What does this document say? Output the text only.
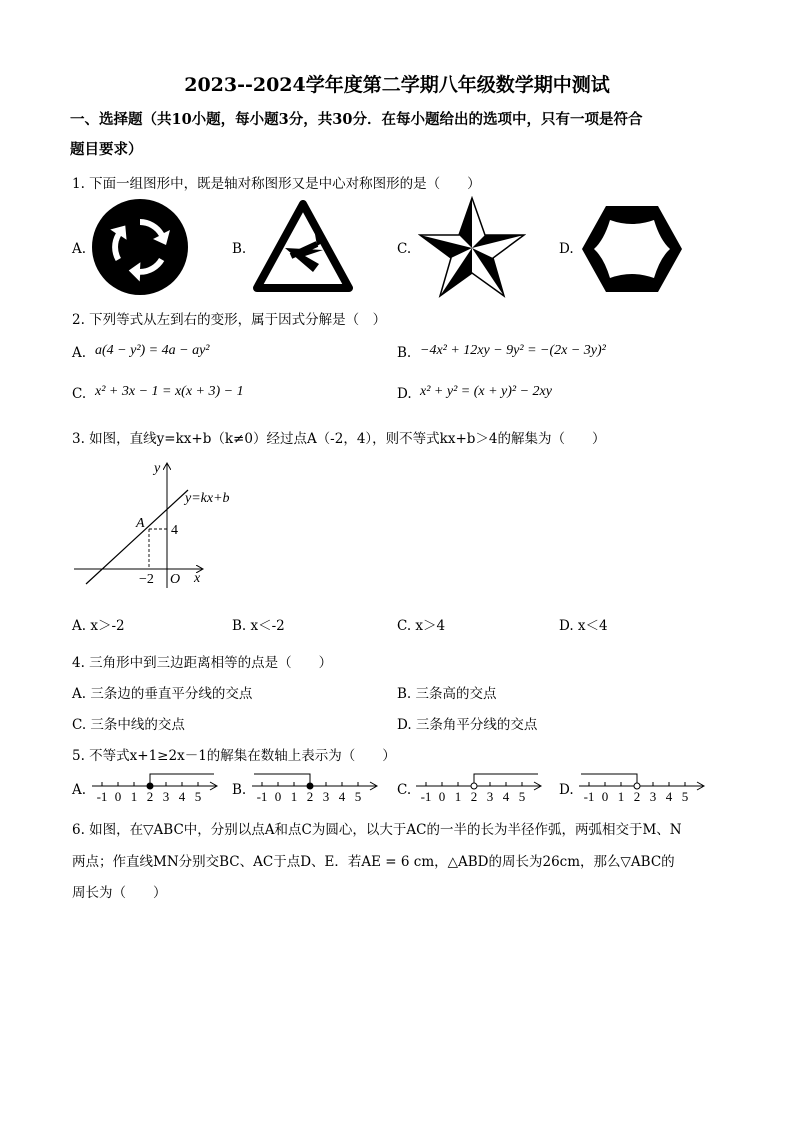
2023--2024学年度第二学期八年级数学期中测试
一、选择题（共10小题，每小题3分，共30分．在每小题给出的选项中，只有一项是符合
题目要求）
1. 下面一组图形中，既是轴对称图形又是中心对称图形的是（　　）
A.	B.	C.	D.
2. 下列等式从左到右的变形，属于因式分解是（　）
A. a(4 − y²) = 4a − ay²	B. −4x² + 12xy − 9y² = −(2x − 3y)²
C. x² + 3x − 1 = x(x + 3) − 1	D. x² + y² = (x + y)² − 2xy
3. 如图，直线y=kx+b（k≠0）经过点A（-2，4），则不等式kx+b＞4的解集为（　　）
y
x
O
A 4
−2
y=kx+b
A. x＞-2	B. x＜-2	C. x＞4	D. x＜4
4. 三角形中到三边距离相等的点是（　　）
A. 三条边的垂直平分线的交点	B. 三条高的交点
C. 三条中线的交点	D. 三条角平分线的交点
5. 不等式x+1≥2x－1的解集在数轴上表示为（　　）
A. -1 0 1 2 3 4 5 B. -1 0 1 2 3 4 5	C. -1 0 1 2 3 4 5	D. -1 0 1 2 3 4 5
6. 如图，在▽ABC中，分别以点A和点C为圆心，以大于AC的一半的长为半径作弧，两弧相交于M、N
两点；作直线MN分别交BC、AC于点D、E．若AE = 6 cm，△ABD的周长为26cm，那么▽ABC的
周长为（　　）
